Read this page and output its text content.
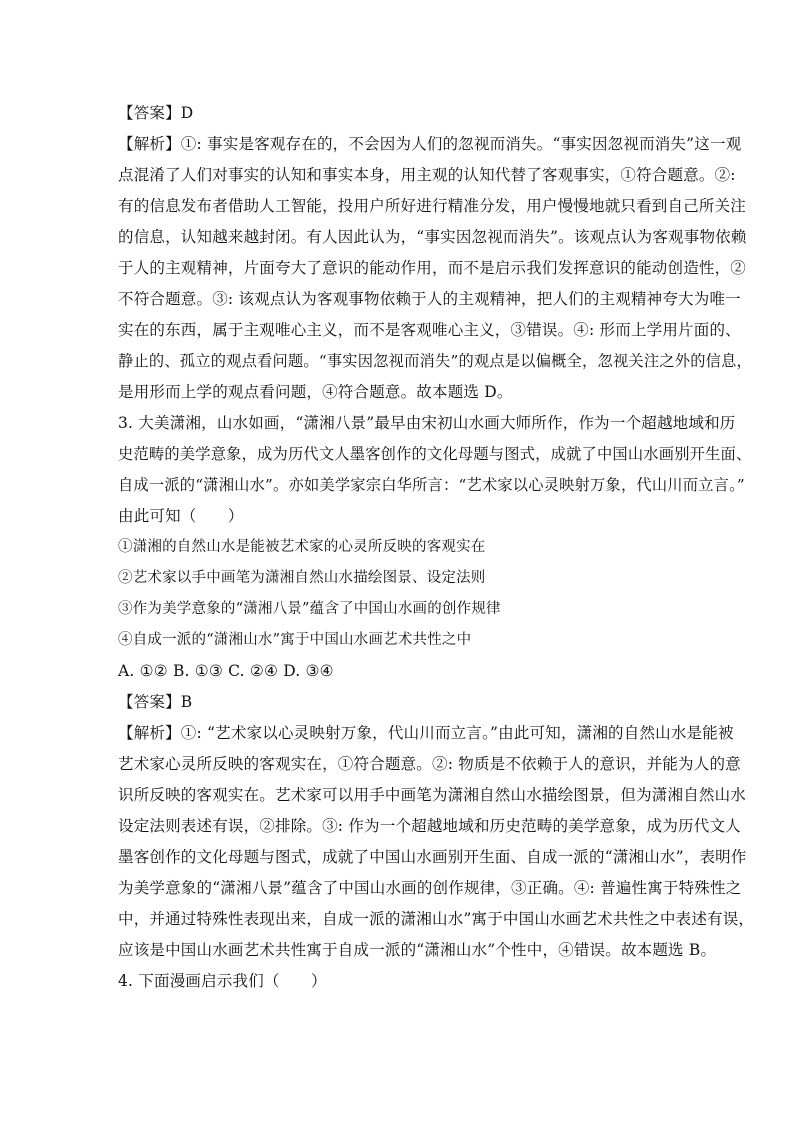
【答案】D
【解析】①: 事实是客观存在的，不会因为人们的忽视而消失。“事实因忽视而消失”这一观
点混淆了人们对事实的认知和事实本身，用主观的认知代替了客观事实，①符合题意。②:
有的信息发布者借助人工智能，投用户所好进行精准分发，用户慢慢地就只看到自己所关注
的信息，认知越来越封闭。有人因此认为，“事实因忽视而消失”。该观点认为客观事物依赖
于人的主观精神，片面夸大了意识的能动作用，而不是启示我们发挥意识的能动创造性，②
不符合题意。③: 该观点认为客观事物依赖于人的主观精神，把人们的主观精神夸大为唯一
实在的东西，属于主观唯心主义，而不是客观唯心主义，③错误。④: 形而上学用片面的、
静止的、孤立的观点看问题。“事实因忽视而消失”的观点是以偏概全，忽视关注之外的信息，
是用形而上学的观点看问题，④符合题意。故本题选 D。
3. 大美潇湘，山水如画，“潇湘八景”最早由宋初山水画大师所作，作为一个超越地域和历
史范畴的美学意象，成为历代文人墨客创作的文化母题与图式，成就了中国山水画别开生面、
自成一派的“潇湘山水”。亦如美学家宗白华所言：“艺术家以心灵映射万象，代山川而立言。”
由此可知（　　）
①潇湘的自然山水是能被艺术家的心灵所反映的客观实在
②艺术家以手中画笔为潇湘自然山水描绘图景、设定法则
③作为美学意象的“潇湘八景”蕴含了中国山水画的创作规律
④自成一派的“潇湘山水”寓于中国山水画艺术共性之中
A. ①② B. ①③ C. ②④ D. ③④
【答案】B
【解析】①: “艺术家以心灵映射万象，代山川而立言。”由此可知，潇湘的自然山水是能被
艺术家心灵所反映的客观实在，①符合题意。②: 物质是不依赖于人的意识，并能为人的意
识所反映的客观实在。艺术家可以用手中画笔为潇湘自然山水描绘图景，但为潇湘自然山水
设定法则表述有误，②排除。③: 作为一个超越地域和历史范畴的美学意象，成为历代文人
墨客创作的文化母题与图式，成就了中国山水画别开生面、自成一派的“潇湘山水”，表明作
为美学意象的“潇湘八景”蕴含了中国山水画的创作规律，③正确。④: 普遍性寓于特殊性之
中，并通过特殊性表现出来，自成一派的潇湘山水”寓于中国山水画艺术共性之中表述有误，
应该是中国山水画艺术共性寓于自成一派的“潇湘山水”个性中，④错误。故本题选 B。
4. 下面漫画启示我们（　　）
